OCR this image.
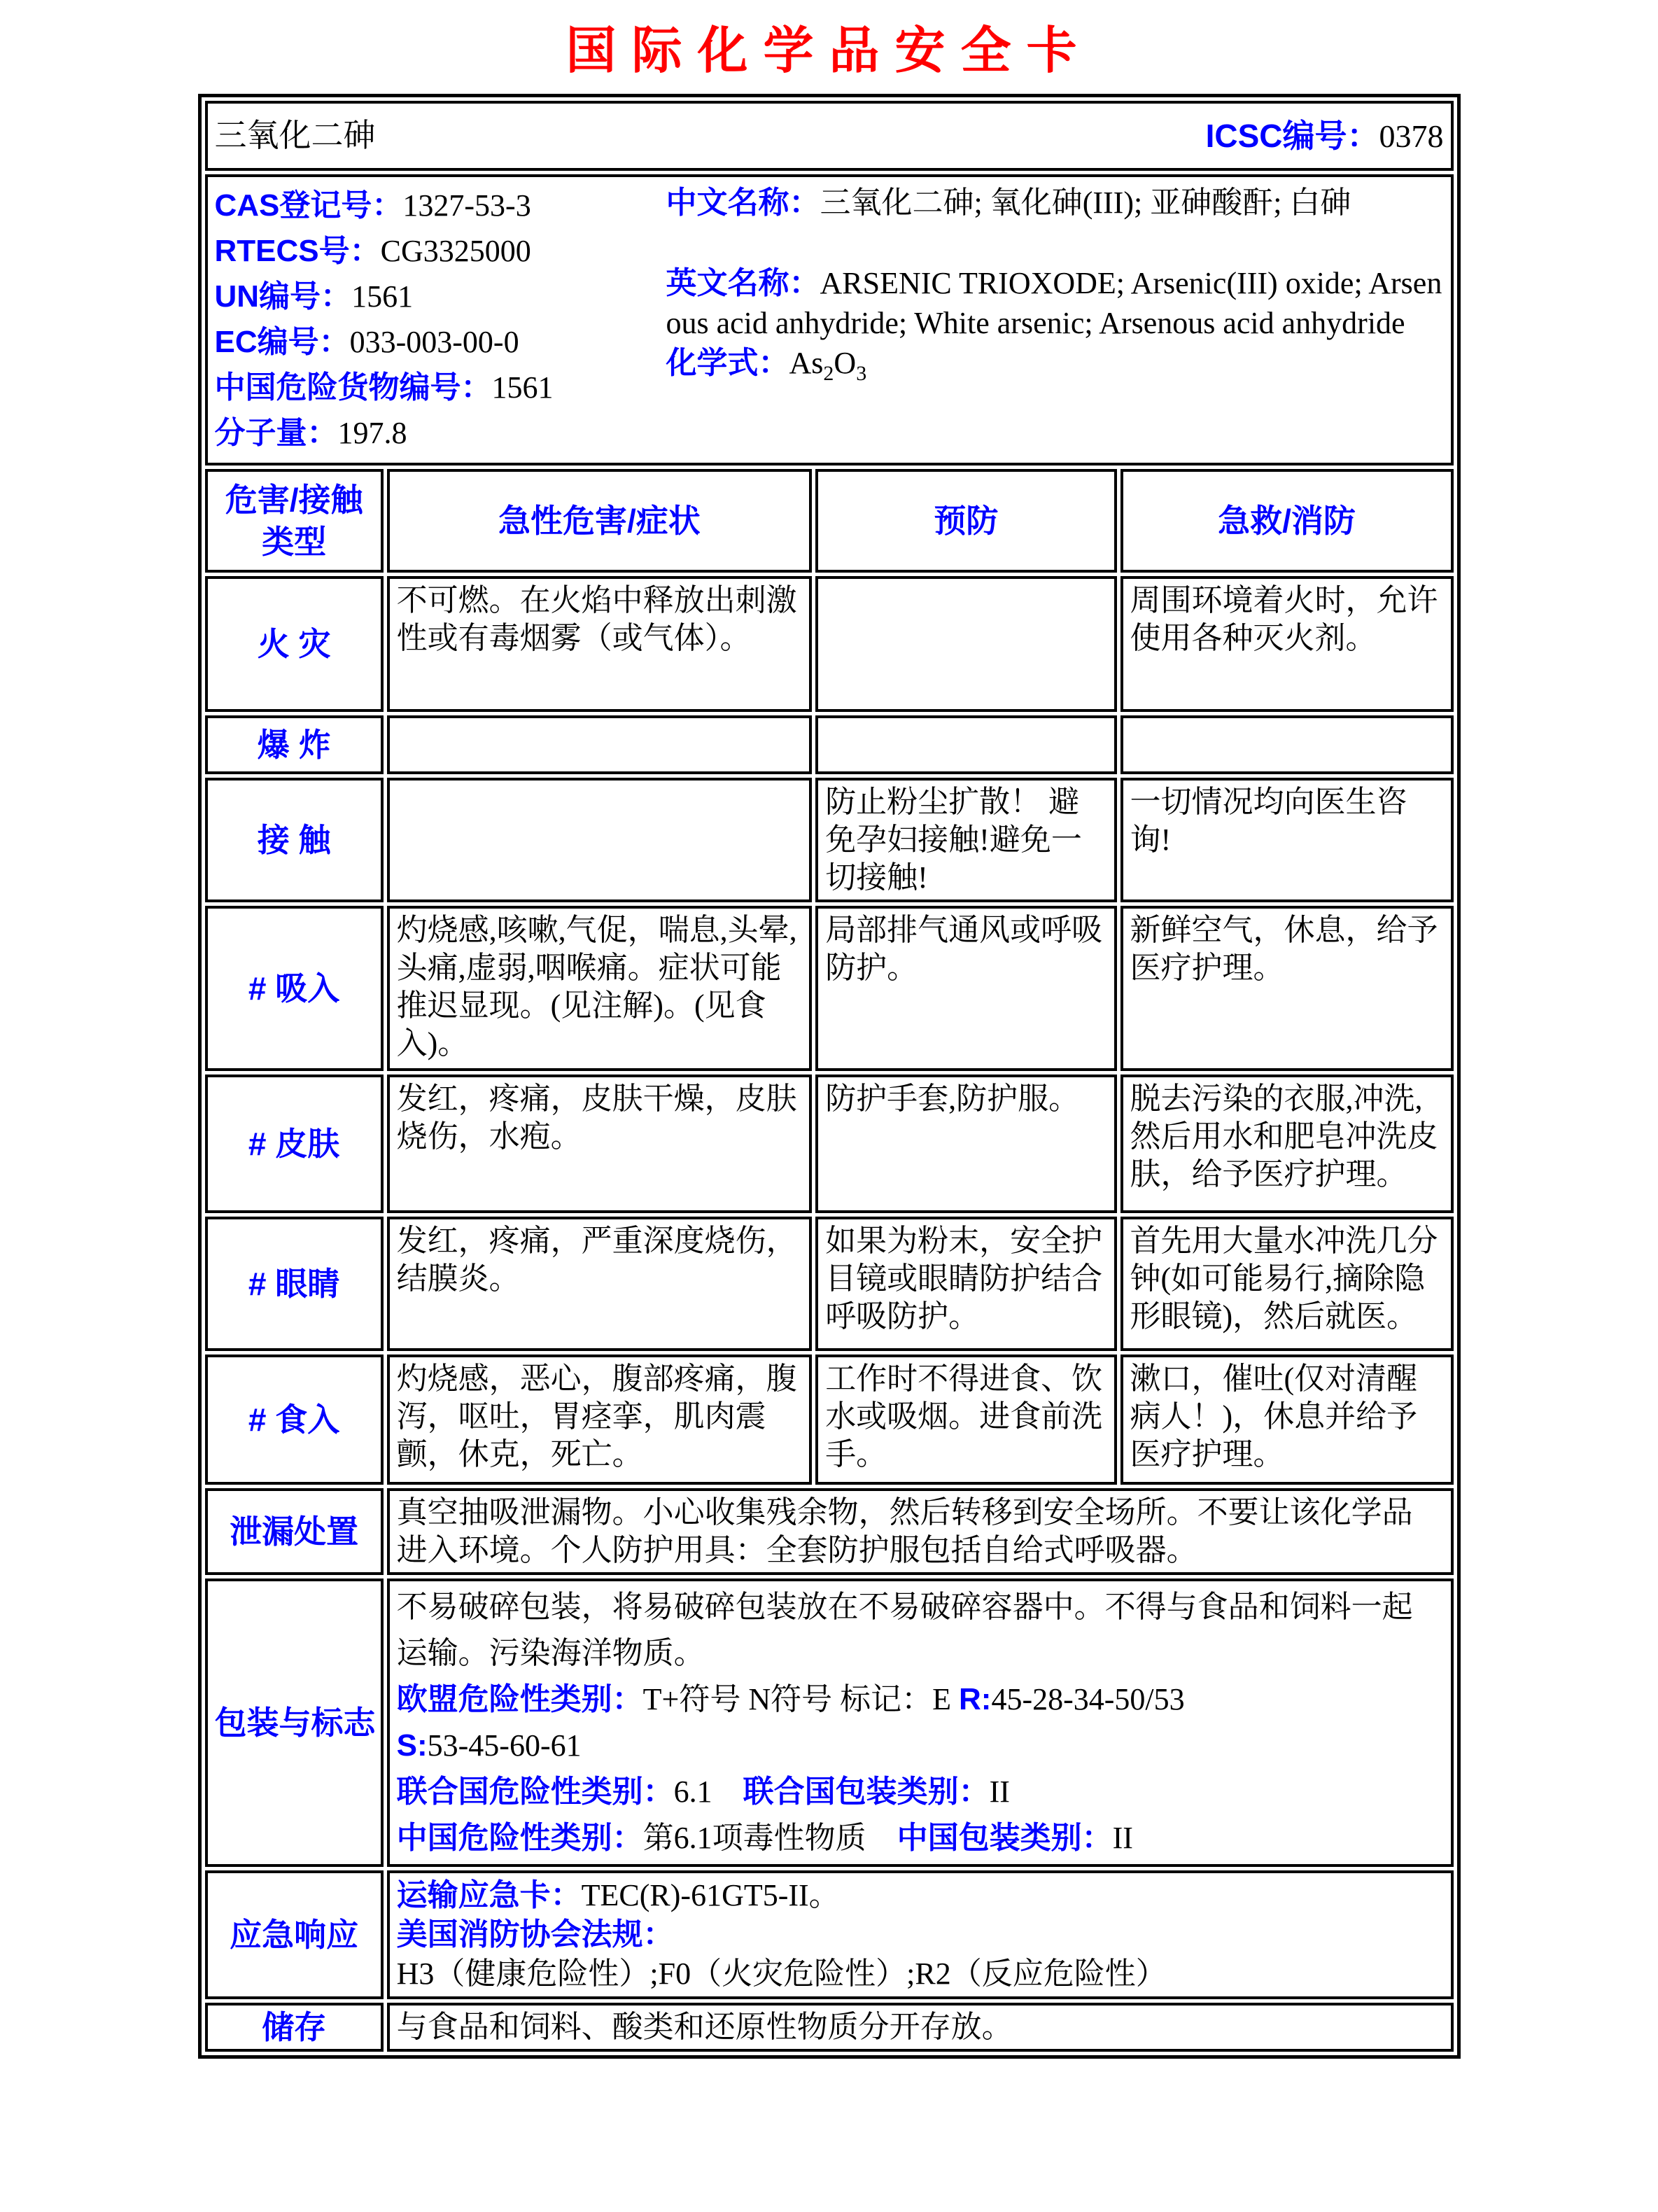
国际化学品安全卡
三氧化二砷 ICSC编号：0378			

CAS登记号：1327-53-3
RTECS号：CG3325000
UN编号：1561
EC编号：033-003-00-0
中国危险货物编号：1561
分子量：197.8
中文名称：三氧化二砷; 氧化砷(III); 亚砷酸酐; 白砷
英文名称：ARSENIC TRIOXODE; Arsenic(III) oxide; Arsenous acid anhydride; White arsenic; Arsenous acid anhydride
化学式：$As_2O_3$

危害/接触 类型	急性危害/症状	预防	急救/消防
火 灾	不可燃。在火焰中释放出刺激性或有毒烟雾（或气体）。		周围环境着火时，允许使用各种灭火剂。
爆 炸			
接 触		防止粉尘扩散！ 避免孕妇接触!避免一切接触!	一切情况均向医生咨询!
# 吸入	灼烧感,咳嗽,气促，喘息,头晕,头痛,虚弱,咽喉痛。症状可能推迟显现。(见注解)。(见食入)。	局部排气通风或呼吸防护。	新鲜空气，休息，给予医疗护理。
# 皮肤	发红，疼痛，皮肤干燥，皮肤烧伤，水疱。	防护手套,防护服。	脱去污染的衣服,冲洗,然后用水和肥皂冲洗皮肤，给予医疗护理。
# 眼睛	发红，疼痛，严重深度烧伤，结膜炎。	如果为粉末，安全护目镜或眼睛防护结合呼吸防护。	首先用大量水冲洗几分钟(如可能易行,摘除隐形眼镜)，然后就医。
# 食入	灼烧感，恶心，腹部疼痛，腹泻，呕吐，胃痉挛，肌肉震颤，休克，死亡。	工作时不得进食、饮水或吸烟。进食前洗手。	漱口，催吐(仅对清醒病人！)，休息并给予医疗护理。
泄漏处置	真空抽吸泄漏物。小心收集残余物，然后转移到安全场所。不要让该化学品进入环境。个人防护用具：全套防护服包括自给式呼吸器。		
包装与标志	不易破碎包装，将易破碎包装放在不易破碎容器中。不得与食品和饲料一起运输。污染海洋物质。

欧盟危险性类别：T+符号 N符号 标记：E R:45-28-34-50/53

S:53-45-60-61

联合国危险性类别：6.1　联合国包装类别：II

中国危险性类别：第6.1项毒性物质　中国包装类别：II		

应急响应	运输应急卡：TEC(R)-61GT5-II。
美国消防协会法规：H3（健康危险性）;F0（火灾危险性）;R2（反应危险性）		

储存	与食品和饲料、酸类和还原性物质分开存放。		
